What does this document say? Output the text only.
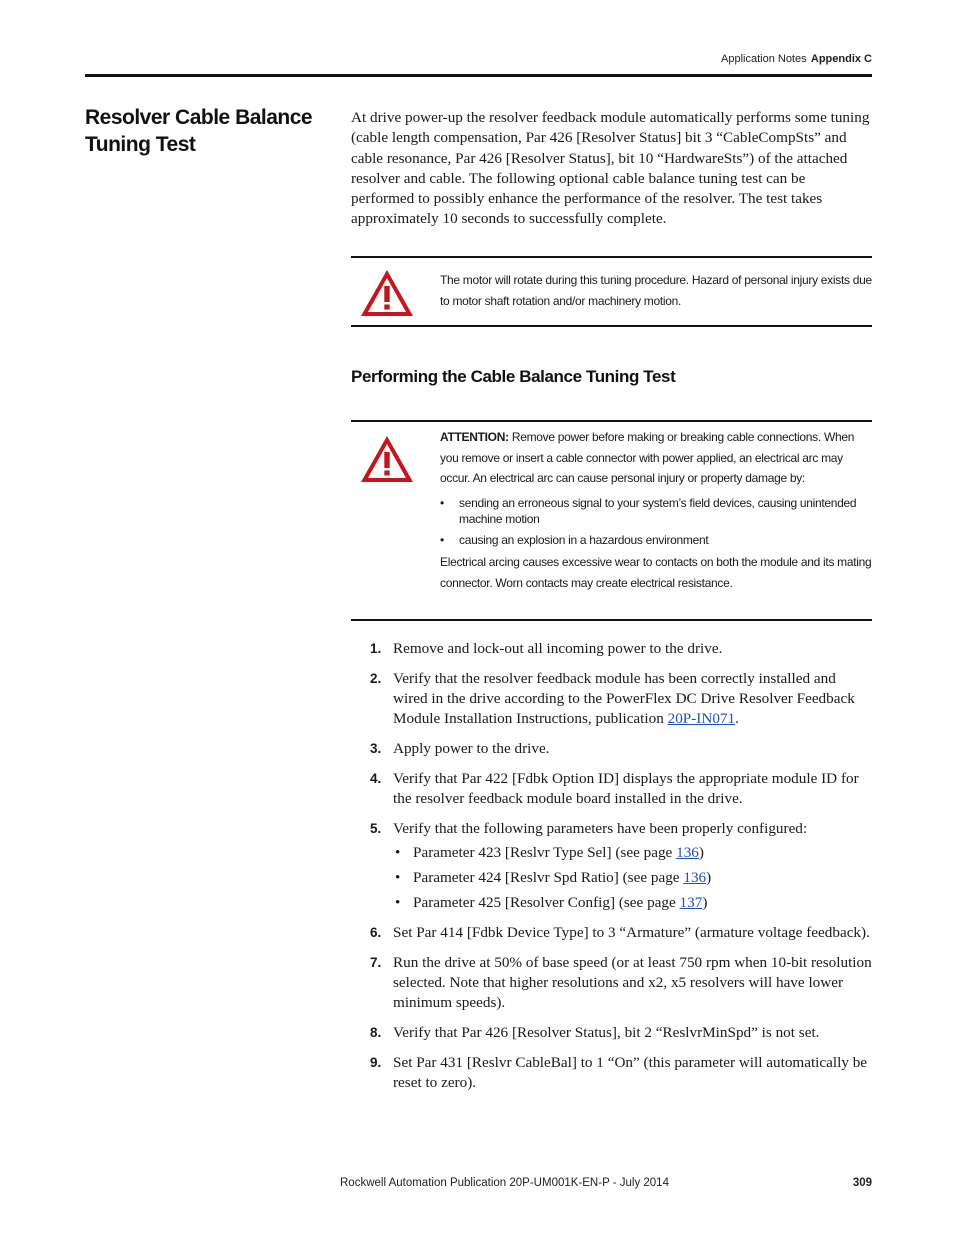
Application Notes Appendix C
Resolver Cable Balance Tuning Test

At drive power-up the resolver feedback module automatically performs some tuning (cable length compensation, Par 426 [Resolver Status] bit 3 “CableCompSts” and cable resonance, Par 426 [Resolver Status], bit 10 “HardwareSts”) of the attached resolver and cable. The following optional cable balance tuning test can be performed to possibly enhance the performance of the resolver. The test takes approximately 10 seconds to successfully complete.

The motor will rotate during this tuning procedure. Hazard of personal injury exists due to motor shaft rotation and/or machinery motion.
Performing the Cable Balance Tuning Test

ATTENTION: Remove power before making or breaking cable connections. When you remove or insert a cable connector with power applied, an electrical arc may occur. An electrical arc can cause personal injury or property damage by:

• sending an erroneous signal to your system’s field devices, causing unintended machine motion
• causing an explosion in a hazardous environment

Electrical arcing causes excessive wear to contacts on both the module and its mating connector. Worn contacts may create electrical resistance.

1. Remove and lock-out all incoming power to the drive.
2. Verify that the resolver feedback module has been correctly installed and wired in the drive according to the PowerFlex DC Drive Resolver Feedback Module Installation Instructions, publication 20P-IN071.
3. Apply power to the drive.
4. Verify that Par 422 [Fdbk Option ID] displays the appropriate module ID for the resolver feedback module board installed in the drive.
5. Verify that the following parameters have been properly configured:
• Parameter 423 [Reslvr Type Sel] (see page 136)
• Parameter 424 [Reslvr Spd Ratio] (see page 136)
• Parameter 425 [Resolver Config] (see page 137)
6. Set Par 414 [Fdbk Device Type] to 3 “Armature” (armature voltage feedback).
7. Run the drive at 50% of base speed (or at least 750 rpm when 10-bit resolution selected. Note that higher resolutions and x2, x5 resolvers will have lower minimum speeds).
8. Verify that Par 426 [Resolver Status], bit 2 “ReslvrMinSpd” is not set.
9. Set Par 431 [Reslvr CableBal] to 1 “On” (this parameter will automatically be reset to zero).
Rockwell Automation Publication 20P-UM001K-EN-P - July 2014	309
